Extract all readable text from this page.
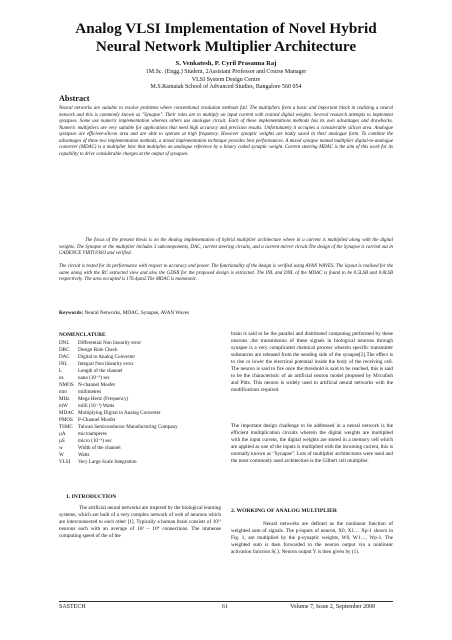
Analog VLSI Implementation of Novel Hybrid
Neural Network Multiplier Architecture
S. Venkatesh, P. Cyril Prasanna Raj
1M.Sc. (Engg.) Student, 2Assistant Professor and Course Manager
VLSI System Design Centre
M.S.Ramaiah School of Advanced Studies, Bangalore 560 054
Abstract

Neural networks are suitable to resolve problems where conventional resolution methods fail. The multipliers form a basic and important block in realizing a neural network and this is commonly known as "Synapse". Their roles are to multiply an input current with trained digital weights. Several research attempts to implement synapses. Some use numeric implementation whereas others use analogue circuit. Each of these implementations methods has its own advantages and drawbacks. Numeric multipliers are very suitable for applications that need high accuracy and precision results. Unfortunately it occupies a considerable silicon area. Analogue synapses are efficient-silicon area and are able to operate at high frequency. However synaptic weights are badly saved in their analogue form. To combine the advantages of these two implementation methods, a mixed implementation technique provides best performances. A mixed synapse named multiplier digital-to-analogue converter (MDAC) is a multiplier bloc that multiplies an analogue reference by a binary coded synaptic weight. Current steering MDAC is the aim of this work for its capability to drive considerable charges at the output of synapses.

The focus of the present thesis is on the Analog implementation of hybrid multiplier architecture where in a current is multiplied along with the digital weights. The Synapse or the multiplier includes 3 subcomponents, DAC, current steering circuits, and a current mirror circuit.The design of the Synapse is carried out in CADENCE VIRTUOSO and verified.

The circuit is tested for its performance with respect to accuracy and power. The functionality of the design is verified using AVAN WAVES. The layout is realised for the same along with the RC extracted view and also the GDSII for the proposed design is extracted. The INL and DNL of the MDAC is found to be 0.5LSB and 0.8LSB respectively. The area occupied is 176.4µm2.The MDAC is monotonic.

Keywords: Neural Networks, MDAC, Synapse, AVAN Waves
NOMENCLATURE
DNL	Differential Non linearity error
DRC	Design Rule Check
DAC	Digital to Analog Converter
INL	Integral Non linearity error
L	Length of the channel
ns	nano (10⁻⁹) sec
NMOS N-channel Mosfet
mm	millimetres
MHz	Mega Hertz (Frequency)
mW	milli (10⁻³) Watts
MDAC Multiplying Digital to Analog Converter
PMOS	P-Channel Mosfet
TSMC	Taiwan Semiconductor Manufacturing Company
µA	microamperes
µS	micro (10⁻⁶) sec
w	Width of the channel
W	Watts
VLSI	Very Large Scale Integration
1. INTRODUCTION

The artificial neural networks are inspired by the biological learning systems, which are built of a very complex network of web of neurons which are interconnected to each other [1]. Typically a human brain consists of 10¹¹ neurons each with an average of 10³ – 10⁴ connections. The immense computing speed of the of the

brain is said to be the parallel and distributed computing performed by these neurons ,the transmission of these signals in biological neurons through synapse is a very complicated chemical process wherein specific transmitter substances are released from the sending side of the synapse[2].The effect is to rise or lower the electrical potential inside the body of the receiving cell. The neuron is said to fire once the threshold is said to be reached, this is said to be the characteristic of an artificial neuron model proposed by Mcculloh and Pitts. This neuron is widely used in artificial neural networks with the modifications required.

The important design challenge to be addressed in a neural network is the efficient multiplication circuits wherein the digital weights are multiplied with the input current, the digital weights are stored in a memory cell which are applied as one of the inputs is multiplied with the incoming current, this is normally known as "Synapse". Lots of multiplier architectures were used and the most commonly used architecture is the Gilbert cell multiplier.

2. WORKING OF ANALOG MULTIPLIER

Neural networks are defined as the nonlinear function of weighted sum of signals. The p-inputs of neuron, X0, X1… Xp-1 shown in Fig. 1, are multiplied by the p-synaptic weights, W0, W1…, Wp-1. The weighted sum is then forwarded to the neuron output via a nonlinear activation function S(.). Neuron output Y is then given by (1).

SASTECH	61	Volume 7, Issue 2, September 2008
